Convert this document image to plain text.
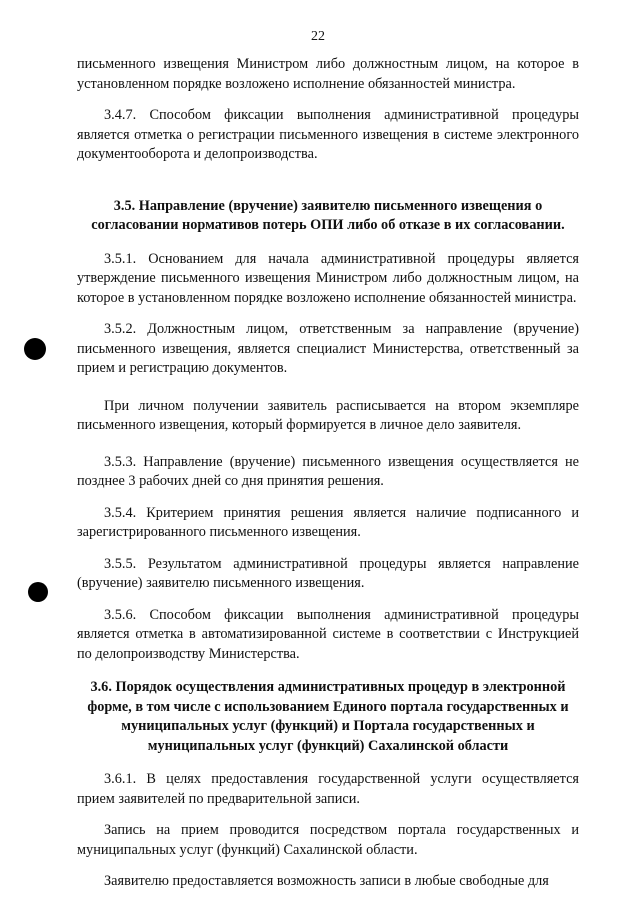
22

письменного извещения Министром либо должностным лицом, на которое в установленном порядке возложено исполнение обязанностей министра.

3.4.7. Способом фиксации выполнения административной процедуры является отметка о регистрации письменного извещения в системе электронного документооборота и делопроизводства.

3.5. Направление (вручение) заявителю письменного извещения о согласовании нормативов потерь ОПИ либо об отказе в их согласовании.

3.5.1. Основанием для начала административной процедуры является утверждение письменного извещения Министром либо должностным лицом, на которое в установленном порядке возложено исполнение обязанностей министра.

3.5.2. Должностным лицом, ответственным за направление (вручение) письменного извещения, является специалист Министерства, ответственный за прием и регистрацию документов.

При личном получении заявитель расписывается на втором экземпляре письменного извещения, который формируется в личное дело заявителя.

3.5.3. Направление (вручение) письменного извещения осуществляется не позднее 3 рабочих дней со дня принятия решения.

3.5.4. Критерием принятия решения является наличие подписанного и зарегистрированного письменного извещения.

3.5.5. Результатом административной процедуры является направление (вручение) заявителю письменного извещения.

3.5.6. Способом фиксации выполнения административной процедуры является отметка в автоматизированной системе в соответствии с Инструкцией по делопроизводству Министерства.

3.6. Порядок осуществления административных процедур в электронной форме, в том числе с использованием Единого портала государственных и муниципальных услуг (функций) и Портала государственных и муниципальных услуг (функций) Сахалинской области

3.6.1. В целях предоставления государственной услуги осуществляется прием заявителей по предварительной записи.

Запись на прием проводится посредством портала государственных и муниципальных услуг (функций) Сахалинской области.

Заявителю предоставляется возможность записи в любые свободные для
